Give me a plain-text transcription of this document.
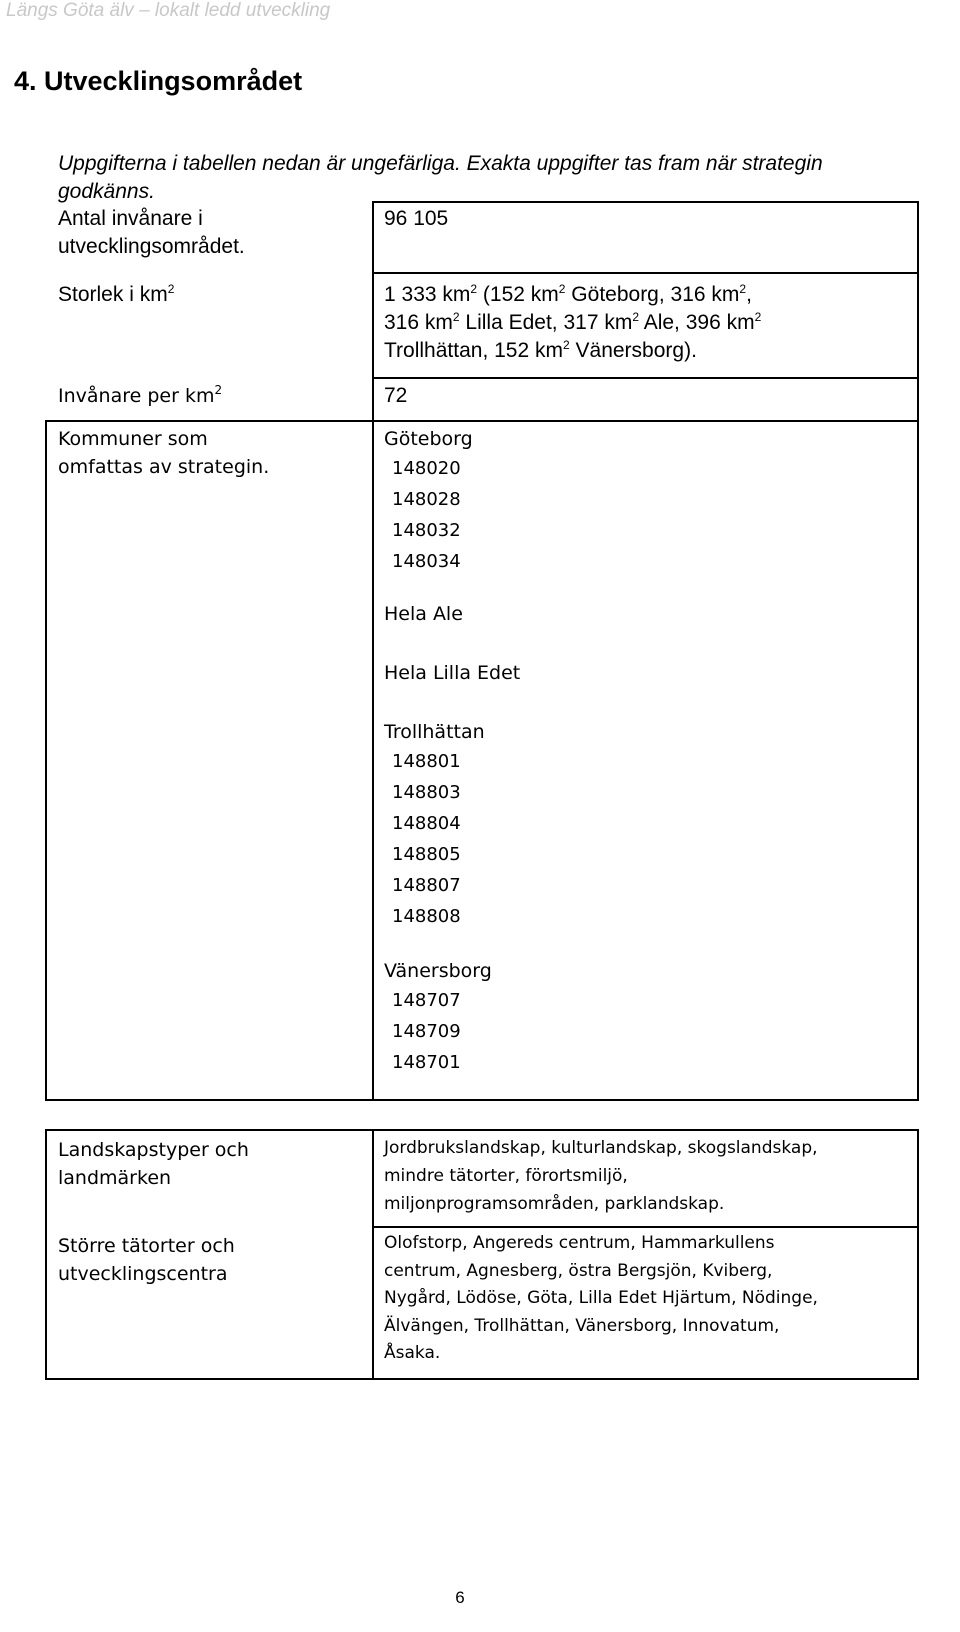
Längs Göta älv – lokalt ledd utveckling
4. Utvecklingsområdet
Uppgifterna i tabellen nedan är ungefärliga. Exakta uppgifter tas fram när strategin godkänns.
Antal invånare i utvecklingsområdet.
96 105
Storlek i $km^2$	1 333 $km^2$ (152 $km^2$ Göteborg, 316 $km^2$,
316 $km^2$ Lilla Edet, 317 $km^2$ Ale, 396 $km^2$
Trollhättan, 152 $km^2$ Vänersborg).
Invånare per $km^2$	72
Kommuner som
omfattas av strategin.
Göteborg
148020
148028
148032
148034
Hela Ale
Hela Lilla Edet
Trollhättan
148801
148803
148804
148805
148807
148808
Vänersborg
148707
148709
148701
Landskapstyper och
landmärken
Jordbrukslandskap, kulturlandskap, skogslandskap,
mindre tätorter, förortsmiljö,
miljonprogramsområden, parklandskap.
Större tätorter och
utvecklingscentra
Olofstorp, Angereds centrum, Hammarkullens
centrum, Agnesberg, östra Bergsjön, Kviberg,
Nygård, Lödöse, Göta, Lilla Edet Hjärtum, Nödinge,
Älvängen, Trollhättan, Vänersborg, Innovatum,
Åsaka.
6
